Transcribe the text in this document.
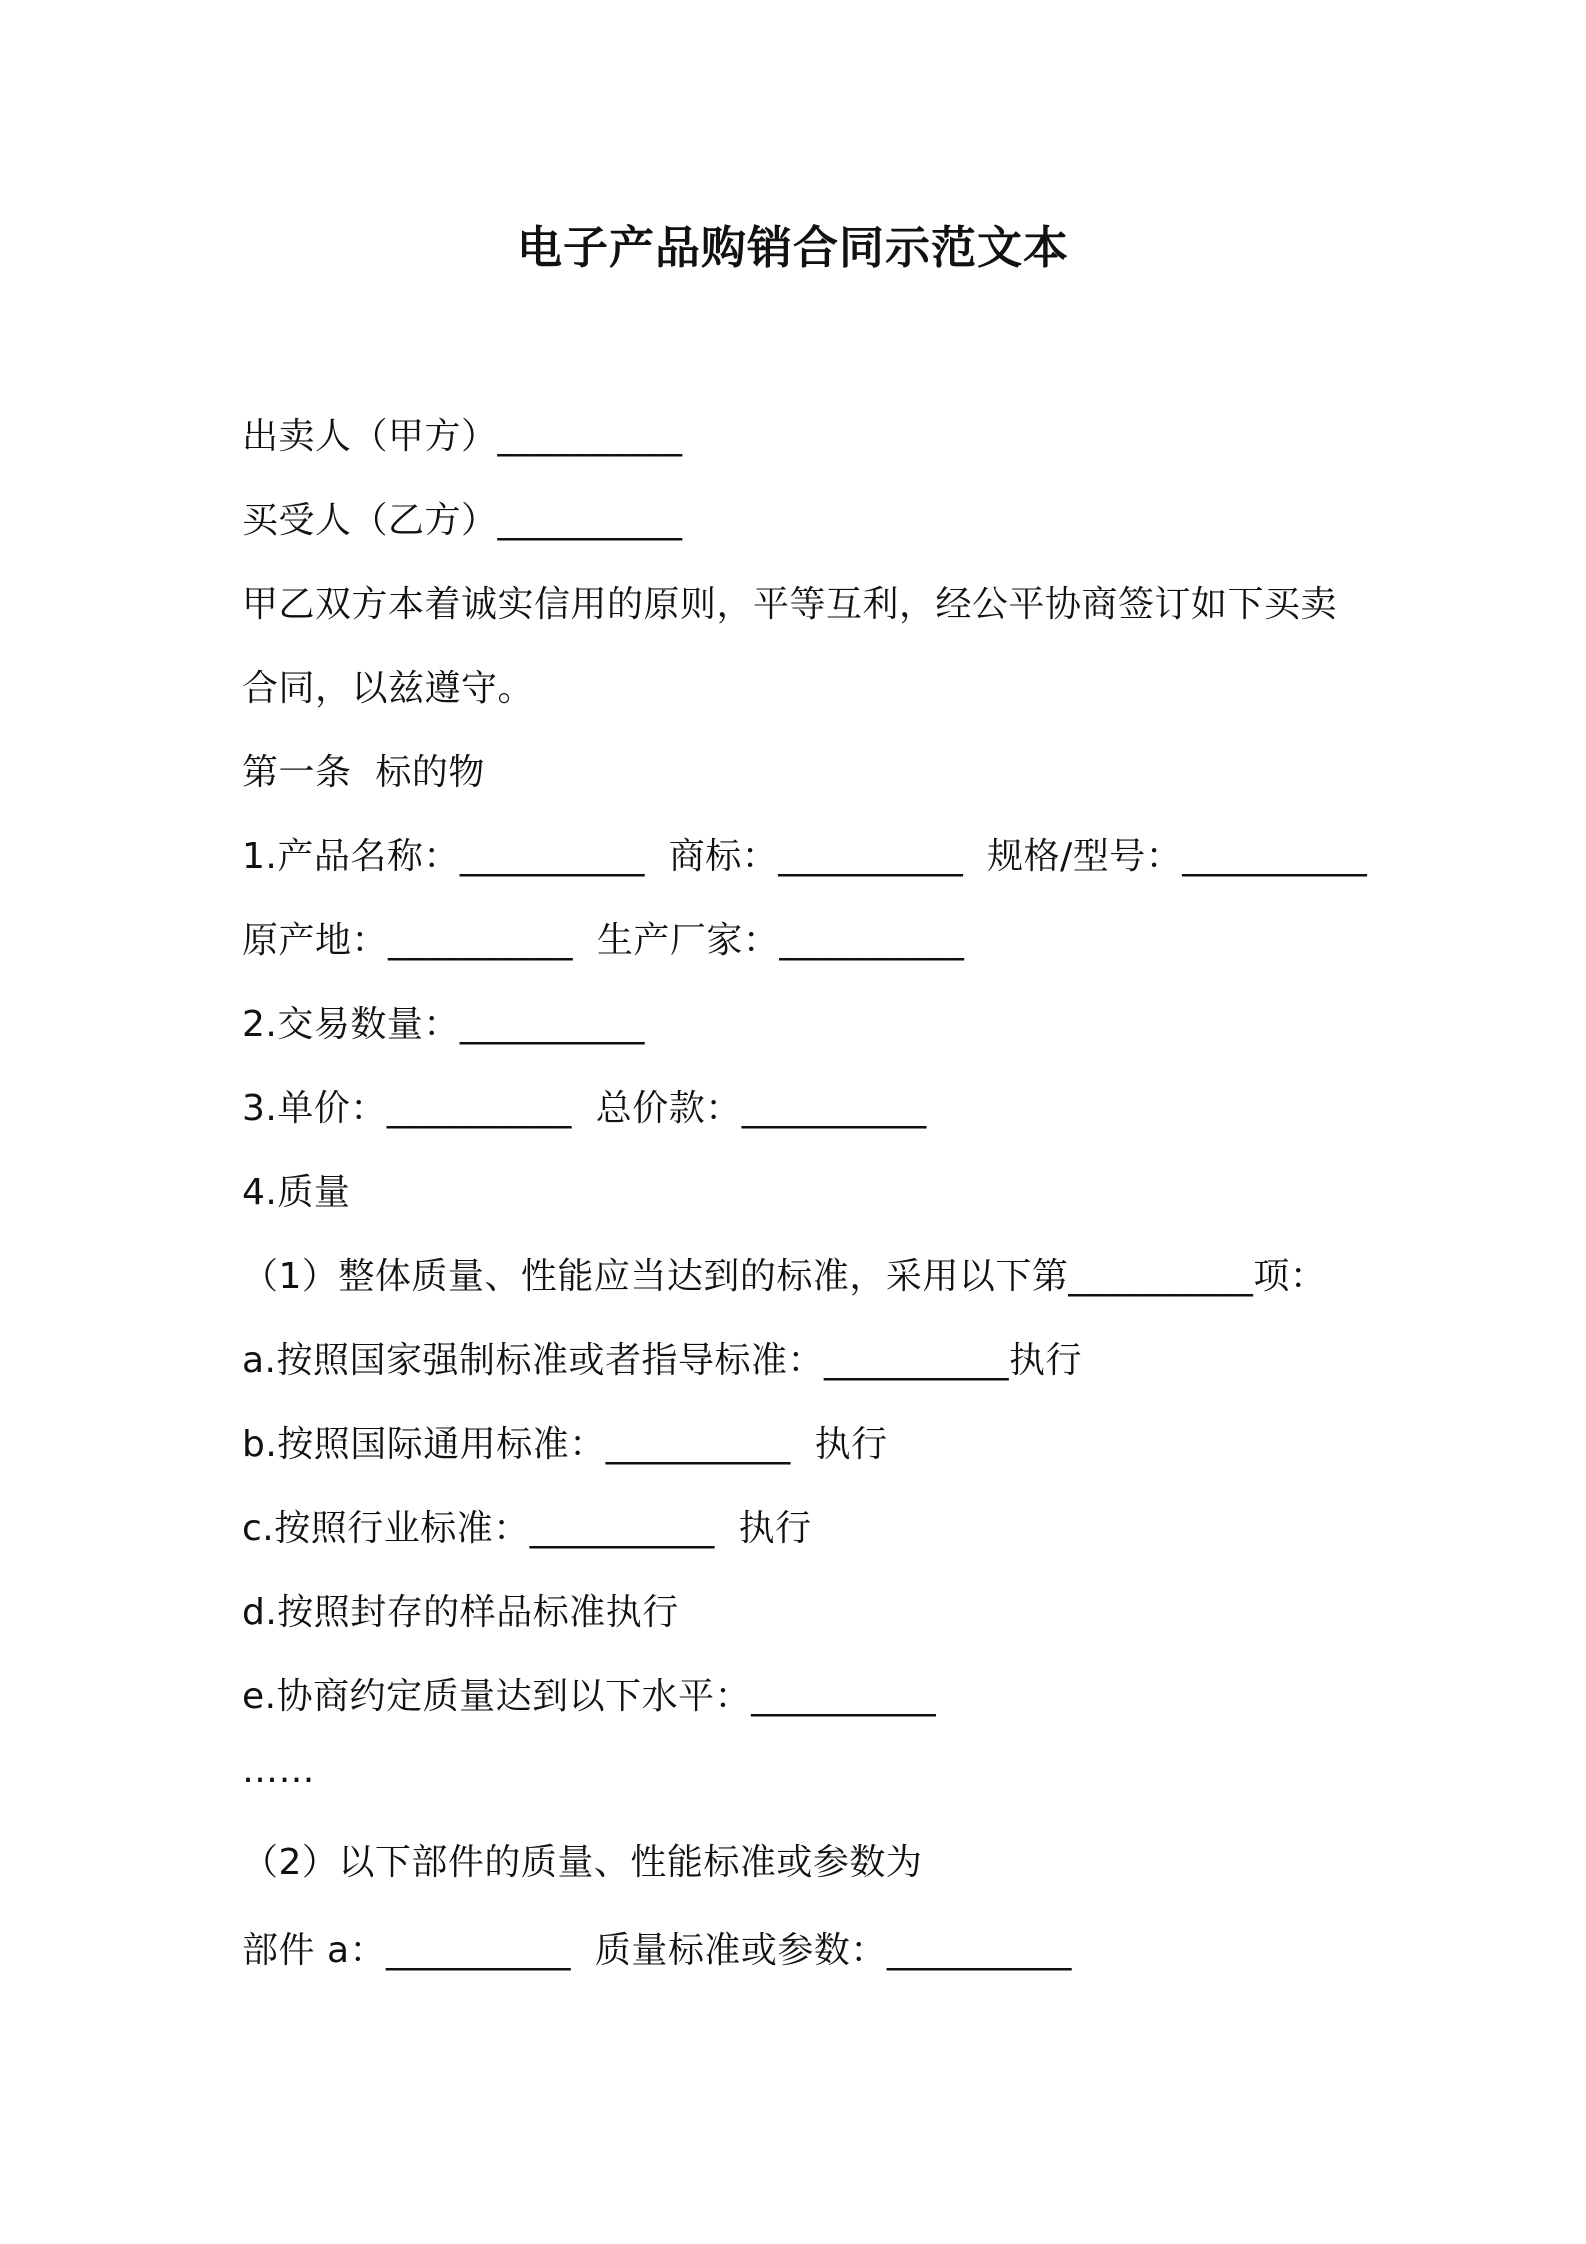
电子产品购销合同示范文本
出卖人（甲方）__________
买受人（乙方）__________
甲乙双方本着诚实信用的原则，平等互利，经公平协商签订如下买卖
合同，以兹遵守。
第一条  标的物
1.产品名称：__________  商标：__________  规格/型号：__________
原产地：__________  生产厂家：__________
2.交易数量：__________
3.单价：__________  总价款：__________
4.质量
（1）整体质量、性能应当达到的标准，采用以下第__________项：
a.按照国家强制标准或者指导标准：__________执行
b.按照国际通用标准：__________  执行
c.按照行业标准：__________  执行
d.按照封存的样品标准执行
e.协商约定质量达到以下水平：__________
……
（2）以下部件的质量、性能标准或参数为
部件 a：__________  质量标准或参数：__________
